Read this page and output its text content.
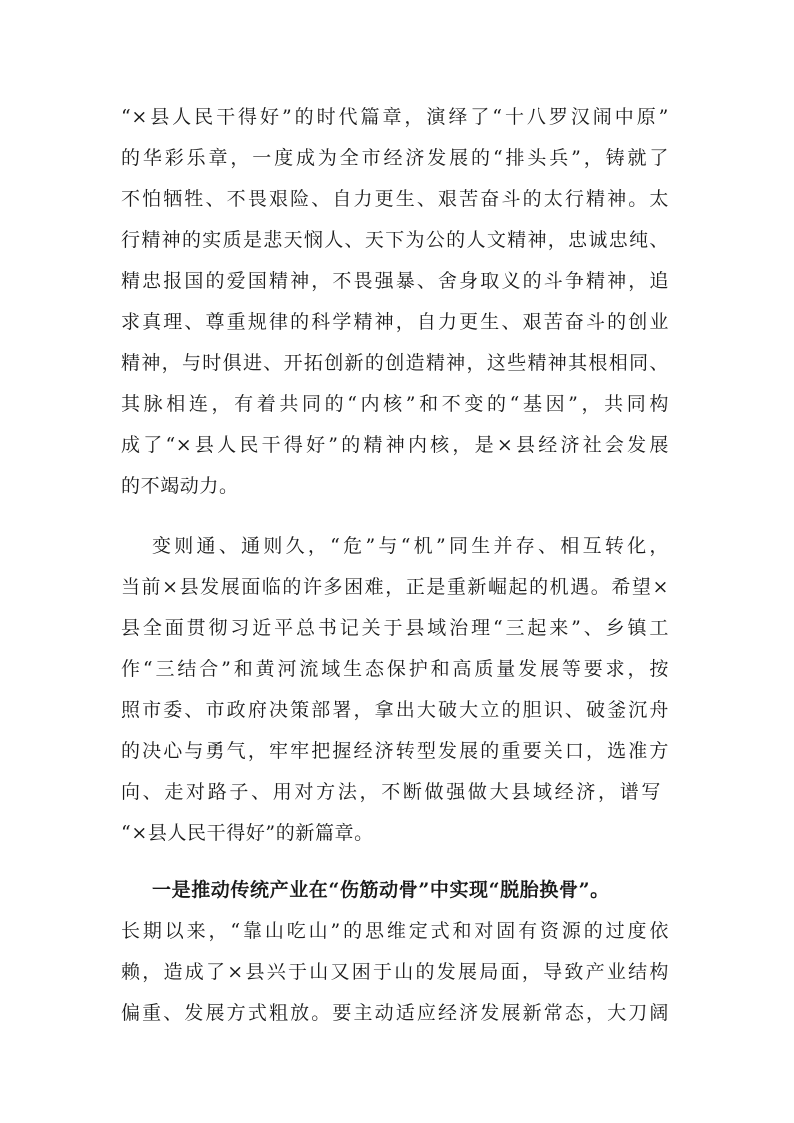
“×县人民干得好”的时代篇章，演绎了“十八罗汉闹中原”
的华彩乐章，一度成为全市经济发展的“排头兵”，铸就了
不怕牺牲、不畏艰险、自力更生、艰苦奋斗的太行精神。太
行精神的实质是悲天悯人、天下为公的人文精神，忠诚忠纯、
精忠报国的爱国精神，不畏强暴、舍身取义的斗争精神，追
求真理、尊重规律的科学精神，自力更生、艰苦奋斗的创业
精神，与时俱进、开拓创新的创造精神，这些精神其根相同、
其脉相连，有着共同的“内核”和不变的“基因”，共同构
成了“×县人民干得好”的精神内核，是×县经济社会发展
的不竭动力。
变则通、通则久，“危”与“机”同生并存、相互转化，
当前×县发展面临的许多困难，正是重新崛起的机遇。希望×
县全面贯彻习近平总书记关于县域治理“三起来”、乡镇工
作“三结合”和黄河流域生态保护和高质量发展等要求，按
照市委、市政府决策部署，拿出大破大立的胆识、破釜沉舟
的决心与勇气，牢牢把握经济转型发展的重要关口，选准方
向、走对路子、用对方法，不断做强做大县域经济，谱写
“×县人民干得好”的新篇章。
一是推动传统产业在“伤筋动骨”中实现“脱胎换骨”。
长期以来，“靠山吃山”的思维定式和对固有资源的过度依
赖，造成了×县兴于山又困于山的发展局面，导致产业结构
偏重、发展方式粗放。要主动适应经济发展新常态，大刀阔
